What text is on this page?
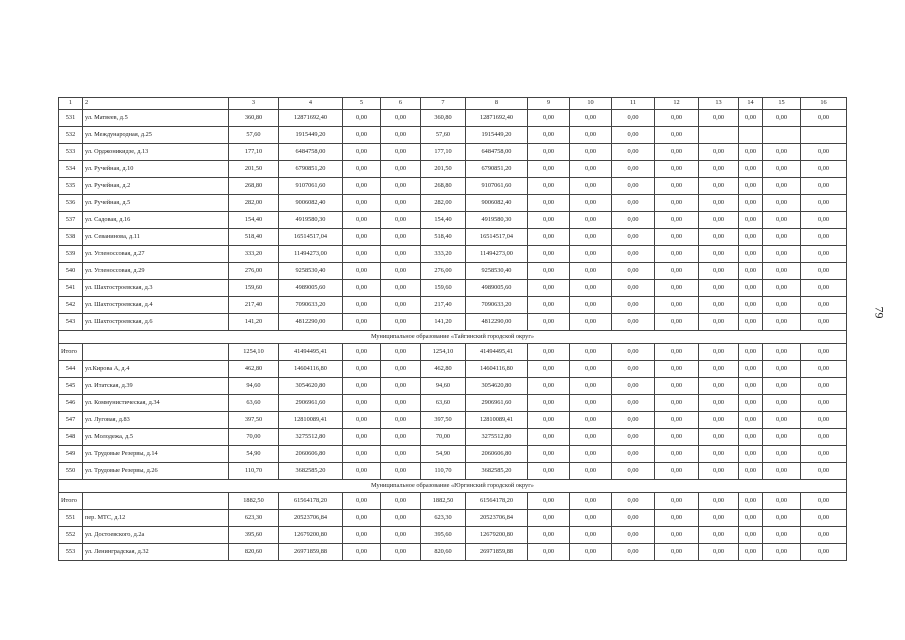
79
1	2	3	4	5	6	7	8	9	10	11	12	13	14	15	16
531	ул. Матвеев, д.5	360,80	12871692,40	0,00	0,00	360,80	12871692,40	0,00	0,00	0,00	0,00	0,00	0,00	0,00	0,00
532	ул. Международная, д.25	57,60	1915449,20	0,00	0,00	57,60	1915449,20	0,00	0,00	0,00	0,00				
533	ул. Орджоникидзе, д.13	177,10	6484758,00	0,00	0,00	177,10	6484758,00	0,00	0,00	0,00	0,00	0,00	0,00	0,00	0,00
534	ул. Ручейная, д.10	201,50	6790851,20	0,00	0,00	201,50	6790851,20	0,00	0,00	0,00	0,00	0,00	0,00	0,00	0,00
535	ул. Ручейная, д.2	268,80	9107061,60	0,00	0,00	268,80	9107061,60	0,00	0,00	0,00	0,00	0,00	0,00	0,00	0,00
536	ул. Ручейная, д.5	282,00	9006082,40	0,00	0,00	282,00	9006082,40	0,00	0,00	0,00	0,00	0,00	0,00	0,00	0,00
537	ул. Садовая, д.16	154,40	4919580,30	0,00	0,00	154,40	4919580,30	0,00	0,00	0,00	0,00	0,00	0,00	0,00	0,00
538	ул. Севанинова, д.11	518,40	16514517,04	0,00	0,00	518,40	16514517,04	0,00	0,00	0,00	0,00	0,00	0,00	0,00	0,00
539	ул. Угленоссовая, д.27	333,20	11494273,00	0,00	0,00	333,20	11494273,00	0,00	0,00	0,00	0,00	0,00	0,00	0,00	0,00
540	ул. Угленоссовая, д.29	276,00	9258530,40	0,00	0,00	276,00	9258530,40	0,00	0,00	0,00	0,00	0,00	0,00	0,00	0,00
541	ул. Шахтостроевская, д.3	159,60	4989005,60	0,00	0,00	159,60	4989005,60	0,00	0,00	0,00	0,00	0,00	0,00	0,00	0,00
542	ул. Шахтостроевская, д.4	217,40	7090633,20	0,00	0,00	217,40	7090633,20	0,00	0,00	0,00	0,00	0,00	0,00	0,00	0,00
543	ул. Шахтостроевская, д.6	141,20	4812290,00	0,00	0,00	141,20	4812290,00	0,00	0,00	0,00	0,00	0,00	0,00	0,00	0,00
Муниципальное образование «Тайгинский городской округ»															
Итого		1254,10	41494495,41	0,00	0,00	1254,10	41494495,41	0,00	0,00	0,00	0,00	0,00	0,00	0,00	0,00
544	ул.Кирова А, д.4	462,80	14604116,80	0,00	0,00	462,80	14604116,80	0,00	0,00	0,00	0,00	0,00	0,00	0,00	0,00
545	ул. Итатская, д.39	94,60	3054620,80	0,00	0,00	94,60	3054620,80	0,00	0,00	0,00	0,00	0,00	0,00	0,00	0,00
546	ул. Коммунистическая, д.34	63,60	2906961,60	0,00	0,00	63,60	2906961,60	0,00	0,00	0,00	0,00	0,00	0,00	0,00	0,00
547	ул. Луговая, д.83	397,50	12810089,41	0,00	0,00	397,50	12810089,41	0,00	0,00	0,00	0,00	0,00	0,00	0,00	0,00
548	ул. Молодежа, д.5	70,00	3275512,80	0,00	0,00	70,00	3275512,80	0,00	0,00	0,00	0,00	0,00	0,00	0,00	0,00
549	ул. Трудовые Резервы, д.14	54,90	2060606,80	0,00	0,00	54,90	2060606,80	0,00	0,00	0,00	0,00	0,00	0,00	0,00	0,00
550	ул. Трудовые Резервы, д.26	110,70	3682585,20	0,00	0,00	110,70	3682585,20	0,00	0,00	0,00	0,00	0,00	0,00	0,00	0,00
Муниципальное образование «Юргинский городской округ»															
Итого		1882,50	61564178,20	0,00	0,00	1882,50	61564178,20	0,00	0,00	0,00	0,00	0,00	0,00	0,00	0,00
551	пер. МТС, д.12	623,30	20523706,84	0,00	0,00	623,30	20523706,84	0,00	0,00	0,00	0,00	0,00	0,00	0,00	0,00
552	ул. Достоевского, д.2а	395,60	12679200,80	0,00	0,00	395,60	12679200,80	0,00	0,00	0,00	0,00	0,00	0,00	0,00	0,00
553	ул. Ленинградская, д.32	820,60	26971859,88	0,00	0,00	820,60	26971859,88	0,00	0,00	0,00	0,00	0,00	0,00	0,00	0,00
